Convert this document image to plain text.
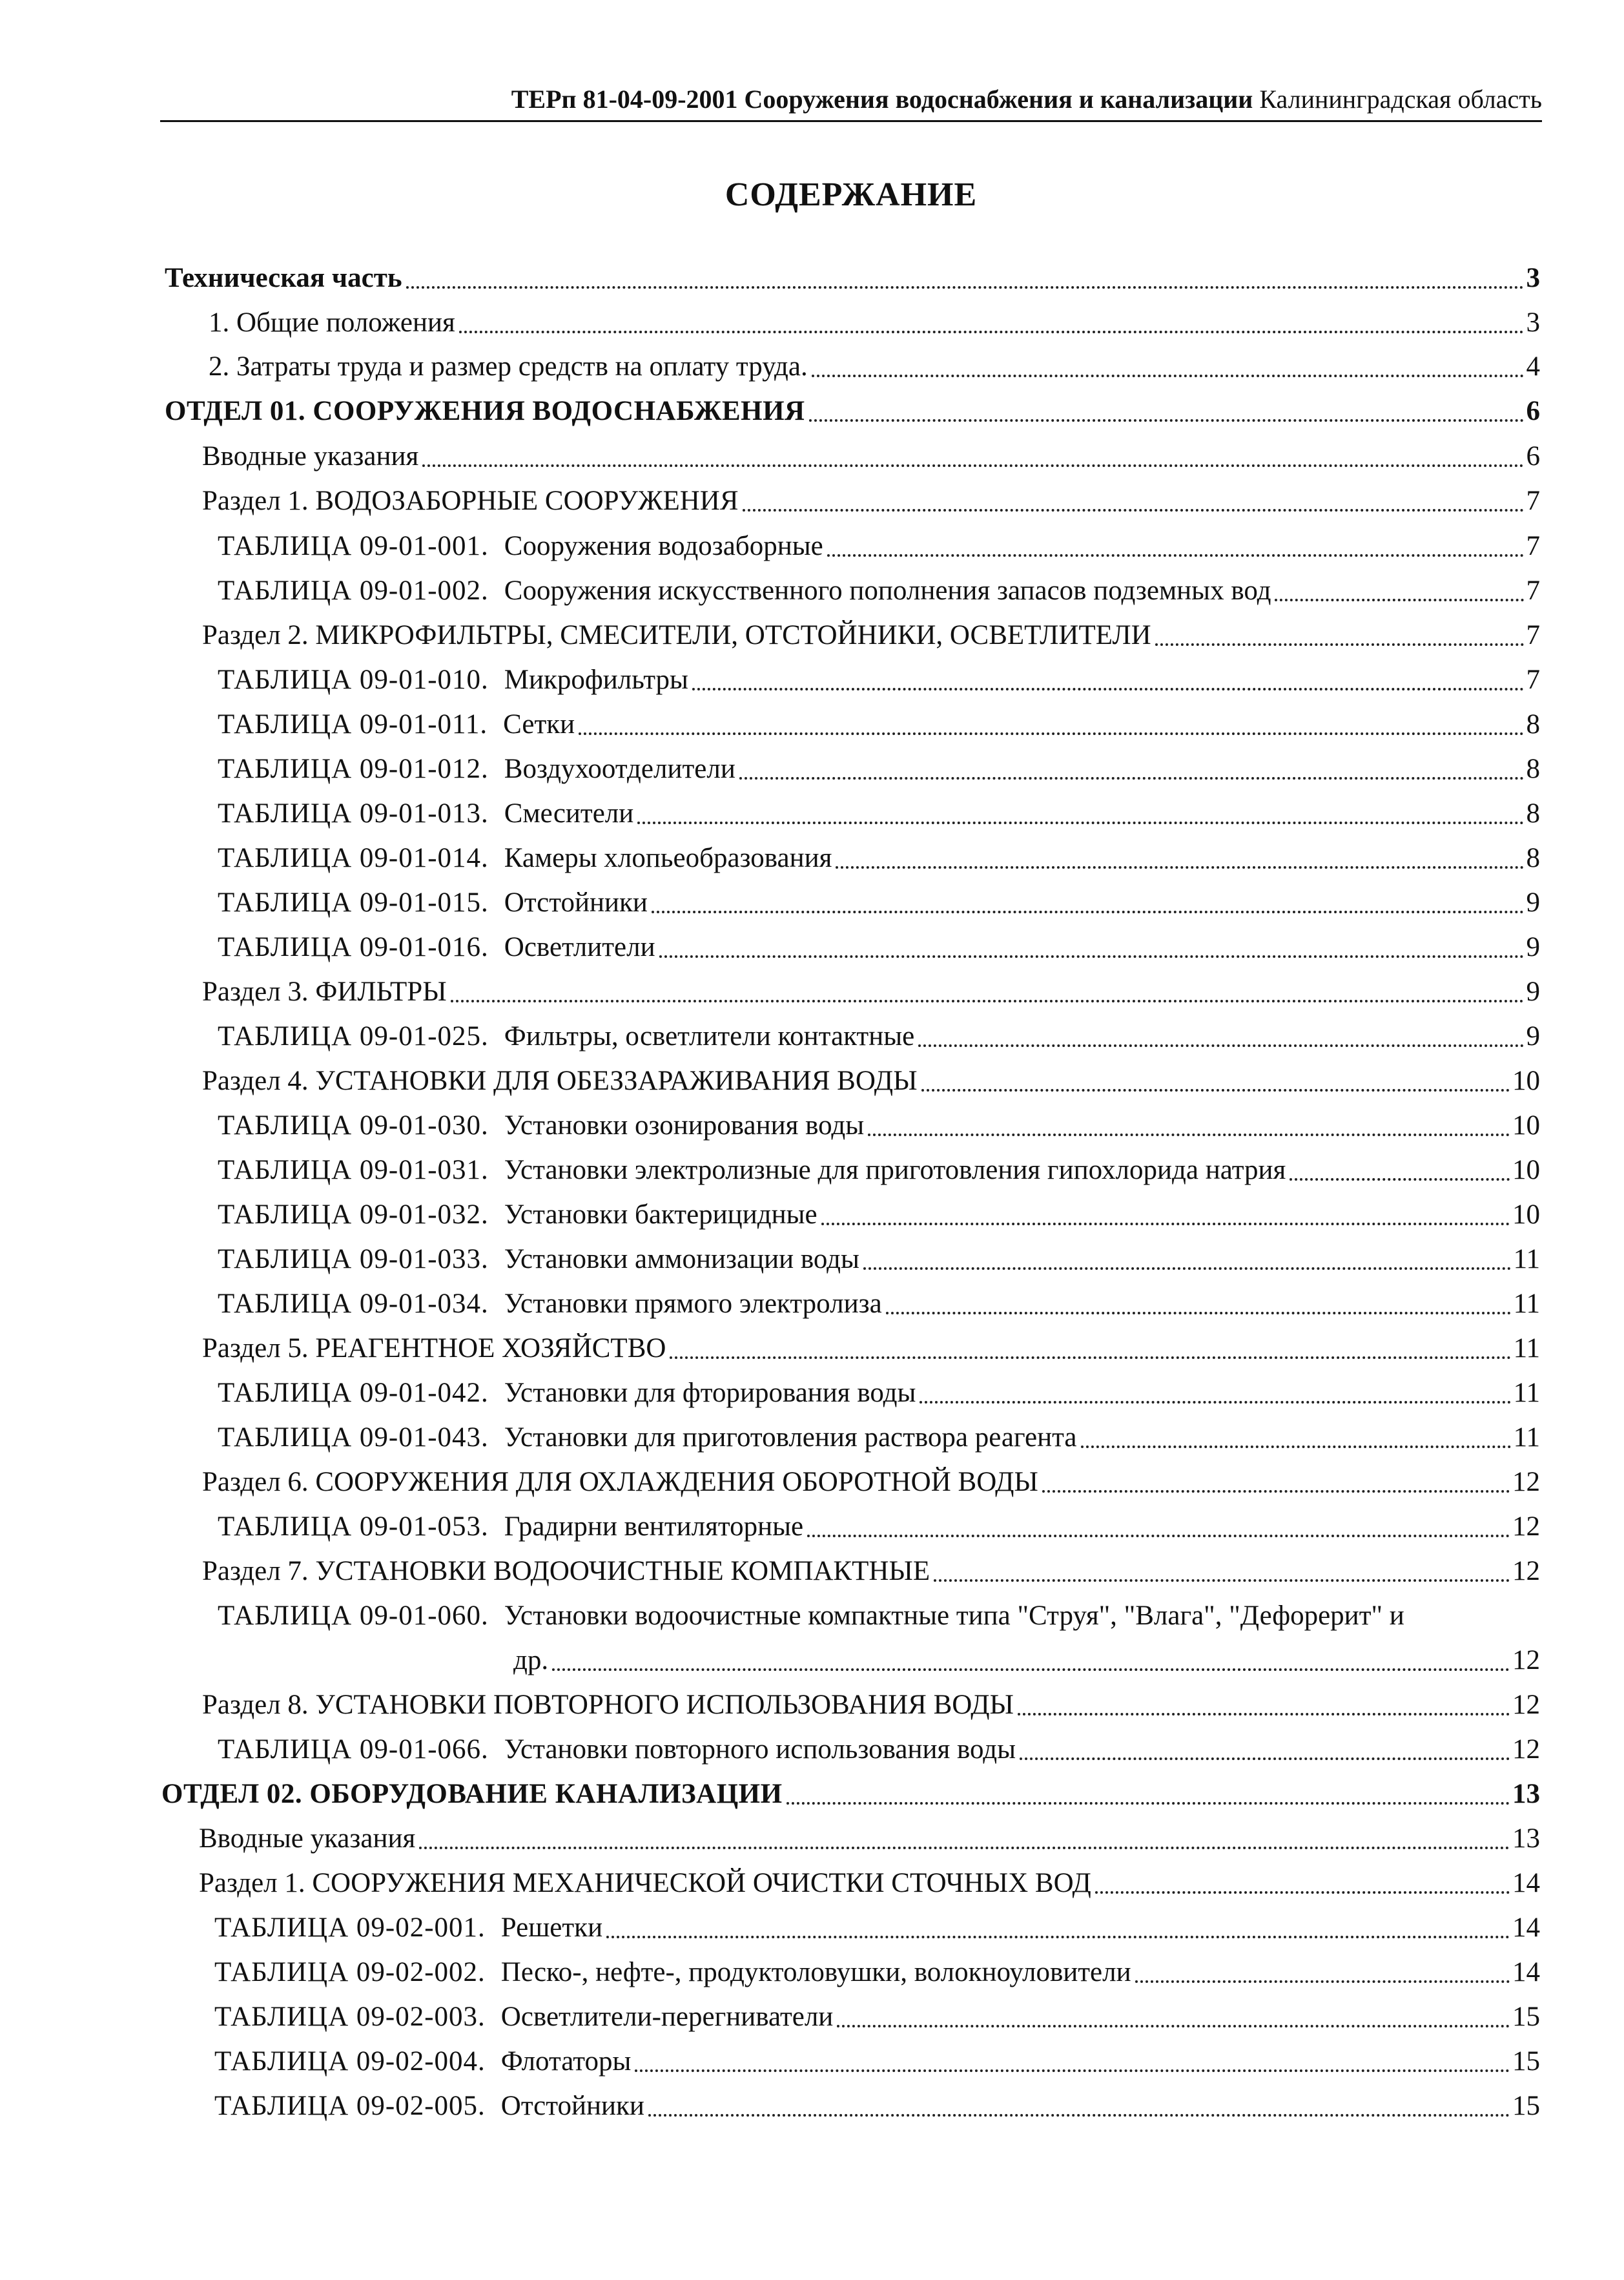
ТЕРп 81-04-09-2001 Сооружения водоснабжения и канализации Калининградская область
СОДЕРЖАНИЕ
Техническая часть	3
1. Общие положения	3
2. Затраты труда и размер средств на оплату труда.	4
ОТДЕЛ 01. СООРУЖЕНИЯ ВОДОСНАБЖЕНИЯ	6
Вводные указания	6
Раздел 1. ВОДОЗАБОРНЫЕ СООРУЖЕНИЯ	7
ТАБЛИЦА 09-01-001. Сооружения водозаборные	7
ТАБЛИЦА 09-01-002. Сооружения искусственного пополнения запасов подземных вод	7
Раздел 2. МИКРОФИЛЬТРЫ, СМЕСИТЕЛИ, ОТСТОЙНИКИ, ОСВЕТЛИТЕЛИ	7
ТАБЛИЦА 09-01-010. Микрофильтры	7
ТАБЛИЦА 09-01-011. Сетки	8
ТАБЛИЦА 09-01-012. Воздухоотделители	8
ТАБЛИЦА 09-01-013. Смесители	8
ТАБЛИЦА 09-01-014. Камеры хлопьеобразования	8
ТАБЛИЦА 09-01-015. Отстойники	9
ТАБЛИЦА 09-01-016. Осветлители	9
Раздел 3. ФИЛЬТРЫ	9
ТАБЛИЦА 09-01-025. Фильтры, осветлители контактные	9
Раздел 4. УСТАНОВКИ ДЛЯ ОБЕЗЗАРАЖИВАНИЯ ВОДЫ	10
ТАБЛИЦА 09-01-030. Установки озонирования воды	10
ТАБЛИЦА 09-01-031. Установки электролизные для приготовления гипохлорида натрия	10
ТАБЛИЦА 09-01-032. Установки бактерицидные	10
ТАБЛИЦА 09-01-033. Установки аммонизации воды	11
ТАБЛИЦА 09-01-034. Установки прямого электролиза	11
Раздел 5. РЕАГЕНТНОЕ ХОЗЯЙСТВО	11
ТАБЛИЦА 09-01-042. Установки для фторирования воды	11
ТАБЛИЦА 09-01-043. Установки для приготовления раствора реагента	11
Раздел 6. СООРУЖЕНИЯ ДЛЯ ОХЛАЖДЕНИЯ ОБОРОТНОЙ ВОДЫ	12
ТАБЛИЦА 09-01-053. Градирни вентиляторные	12
Раздел 7. УСТАНОВКИ ВОДООЧИСТНЫЕ КОМПАКТНЫЕ	12
ТАБЛИЦА 09-01-060. Установки водоочистные компактные типа "Струя", "Влага", "Дефорерит" и
др.	12
Раздел 8. УСТАНОВКИ ПОВТОРНОГО ИСПОЛЬЗОВАНИЯ ВОДЫ	12
ТАБЛИЦА 09-01-066. Установки повторного использования воды	12
ОТДЕЛ 02. ОБОРУДОВАНИЕ КАНАЛИЗАЦИИ	13
Вводные указания	13
Раздел 1. СООРУЖЕНИЯ МЕХАНИЧЕСКОЙ ОЧИСТКИ СТОЧНЫХ ВОД	14
ТАБЛИЦА 09-02-001. Решетки	14
ТАБЛИЦА 09-02-002. Песко-, нефте-, продуктоловушки, волокноуловители	14
ТАБЛИЦА 09-02-003. Осветлители-перегниватели	15
ТАБЛИЦА 09-02-004. Флотаторы	15
ТАБЛИЦА 09-02-005. Отстойники	15
